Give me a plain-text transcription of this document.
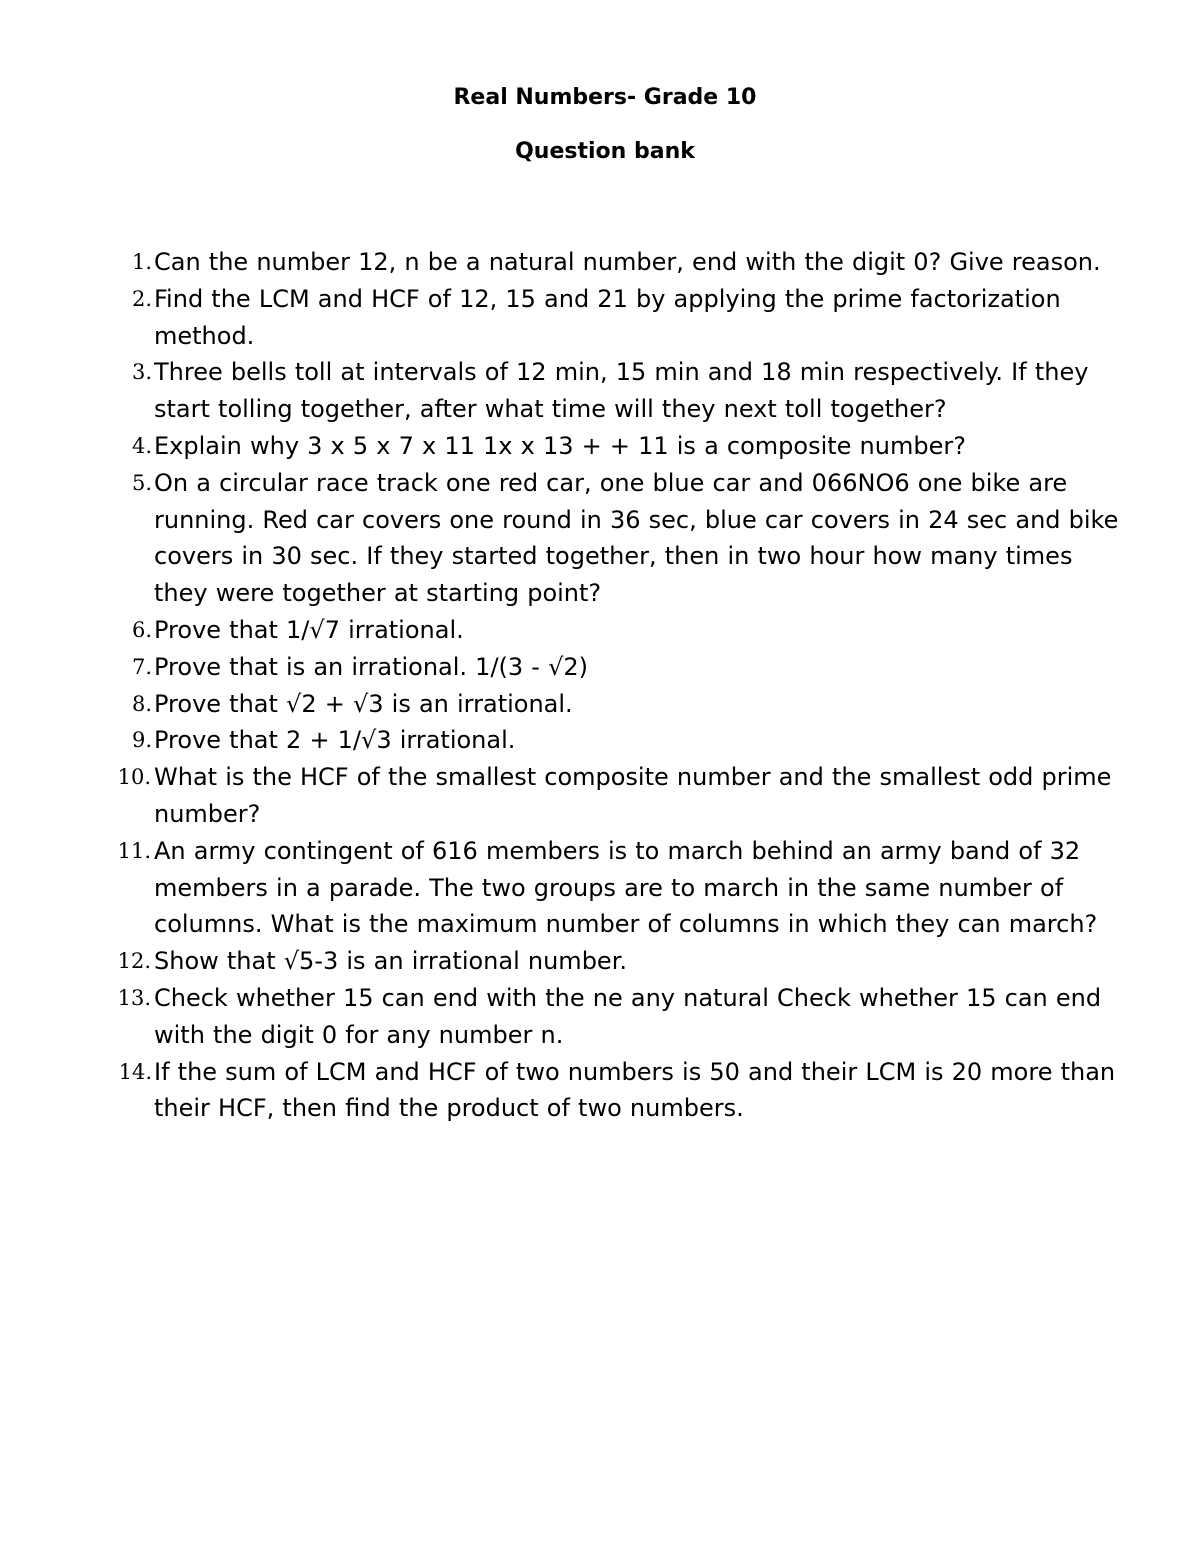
Real Numbers- Grade 10
Question bank
1. Can the number 12, n be a natural number, end with the digit 0? Give reason.
2. Find the LCM and HCF of 12, 15 and 21 by applying the prime factorization method.
3. Three bells toll at intervals of 12 min, 15 min and 18 min respectively. If they start tolling together, after what time will they next toll together?
4. Explain why 3 x 5 x 7 x 11 1x x 13 + + 11 is a composite number?
5. On a circular race track one red car, one blue car and 066NO6 one bike are running. Red car covers one round in 36 sec, blue car covers in 24 sec and bike covers in 30 sec. If they started together, then in two hour how many times they were together at starting point?
6. Prove that 1/√7 irrational.
7. Prove that is an irrational. 1/(3 - √2)
8. Prove that √2 + √3 is an irrational.
9. Prove that 2 + 1/√3 irrational.
10. What is the HCF of the smallest composite number and the smallest odd prime number?
11. An army contingent of 616 members is to march behind an army band of 32 members in a parade. The two groups are to march in the same number of columns. What is the maximum number of columns in which they can march?
12. Show that √5-3 is an irrational number.
13. Check whether 15 can end with the ne any natural Check whether 15 can end with the digit 0 for any number n.
14. If the sum of LCM and HCF of two numbers is 50 and their LCM is 20 more than their HCF, then find the product of two numbers.
